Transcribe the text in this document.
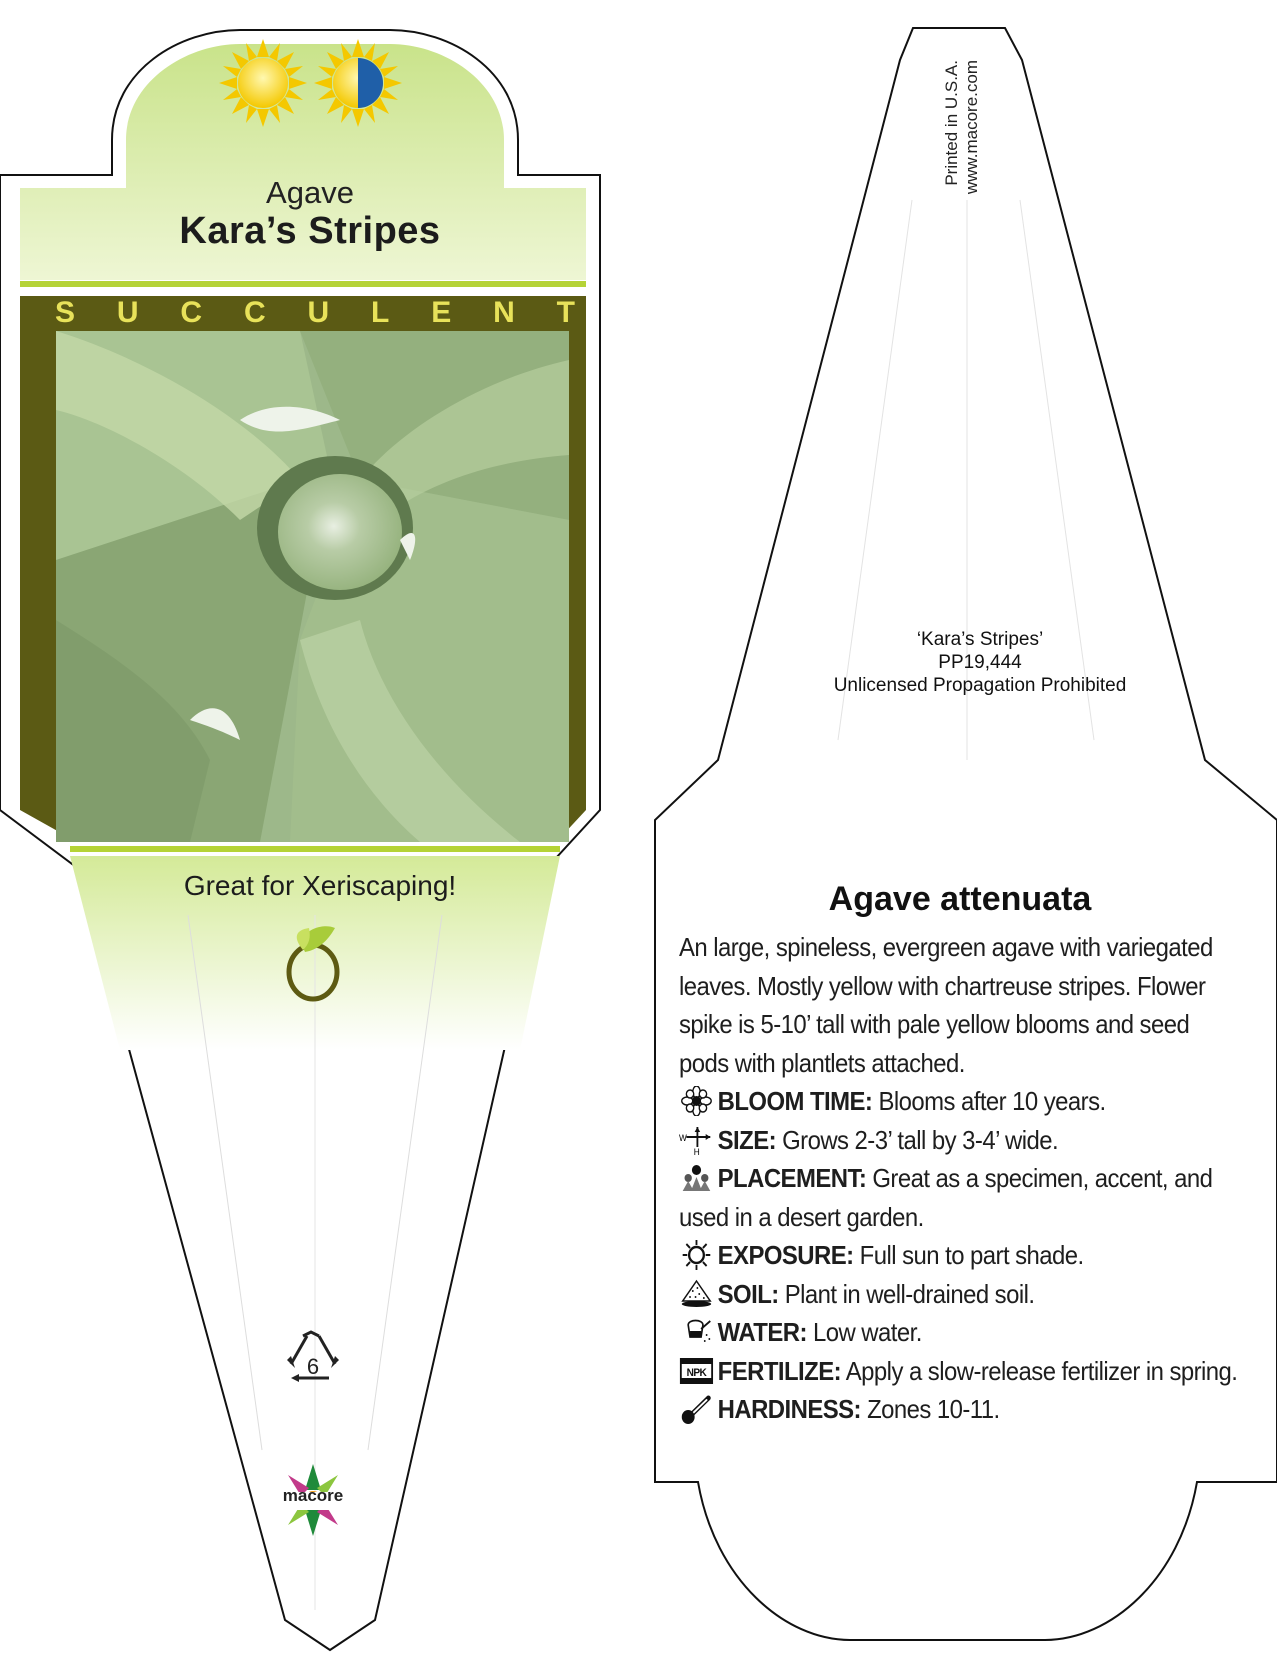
Agave
Kara’s Stripes
S U C C U L E N T
Great for Xeriscaping!
6
macore
Printed in U.S.A. www.macore.com
‘Kara’s Stripes’
PP19,444
Unlicensed Propagation Prohibited
Agave attenuata
An large, spineless, evergreen agave with variegated
leaves. Mostly yellow with chartreuse stripes. Flower
spike is 5-10’ tall with pale yellow blooms and seed
pods with plantlets attached.
BLOOM TIME: Blooms after 10 years.
W
H SIZE: Grows 2-3’ tall by 3-4’ wide.
PLACEMENT: Great as a specimen, accent, and
used in a desert garden.
EXPOSURE: Full sun to part shade.
SOIL: Plant in well-drained soil.
WATER: Low water.
NPK FERTILIZE: Apply a slow-release fertilizer in spring.
HARDINESS: Zones 10-11.
